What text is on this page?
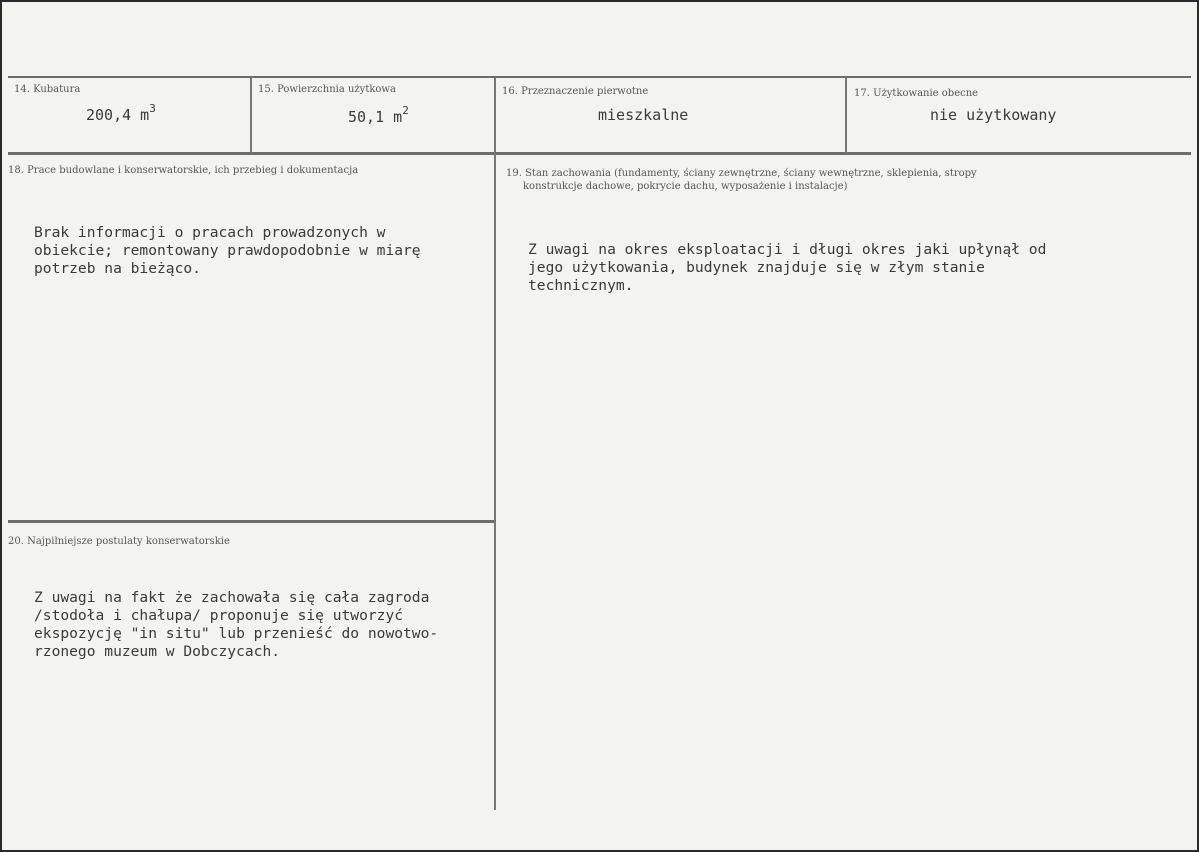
14. Kubatura
200,4 $m^3$
15. Powierzchnia użytkowa
50,1 $m^2$
16. Przeznaczenie pierwotne
mieszkalne
17. Użytkowanie obecne
nie użytkowany
18. Prace budowlane i konserwatorskie, ich przebieg i dokumentacja
Brak informacji o pracach prowadzonych w
obiekcie; remontowany prawdopodobnie w miarę
potrzeb na bieżąco.
19. Stan zachowania (fundamenty, ściany zewnętrzne, ściany wewnętrzne, sklepienia, stropy
konstrukcje dachowe, pokrycie dachu, wyposażenie i instalacje)
Z uwagi na okres eksploatacji i długi okres jaki upłynął od
jego użytkowania, budynek znajduje się w złym stanie
technicznym.
20. Najpilniejsze postulaty konserwatorskie
Z uwagi na fakt że zachowała się cała zagroda
/stodoła i chałupa/ proponuje się utworzyć
ekspozycję "in situ" lub przenieść do nowotwo-
rzonego muzeum w Dobczycach.
